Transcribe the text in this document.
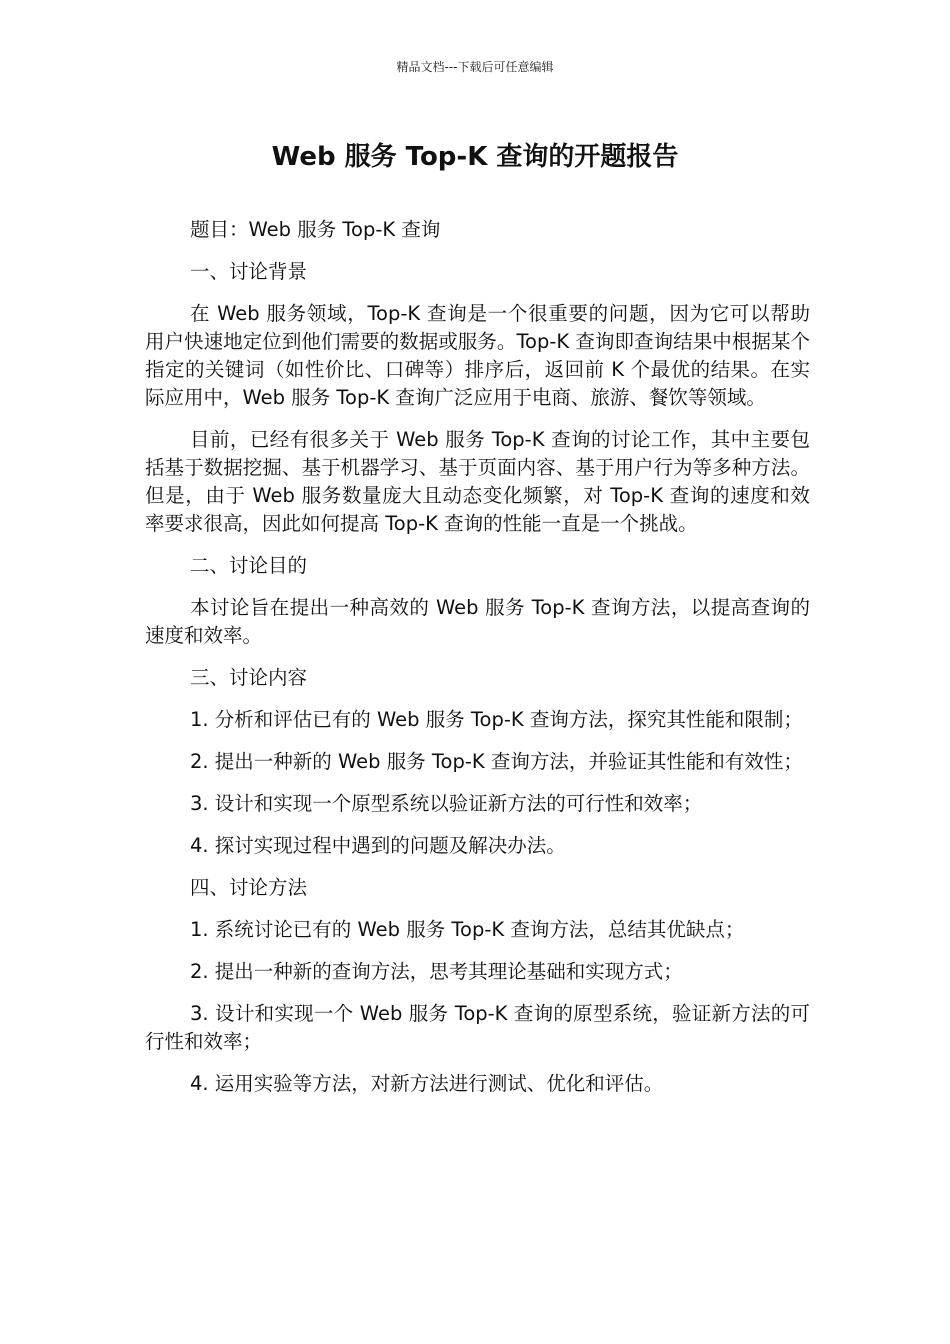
精品文档---下载后可任意编辑
Web 服务 Top-K 查询的开题报告

题目：Web 服务 Top-K 查询

一、讨论背景

在 Web 服务领域，Top-K 查询是一个很重要的问题，因为它可以帮助用户快速地定位到他们需要的数据或服务。Top-K 查询即查询结果中根据某个指定的关键词（如性价比、口碑等）排序后，返回前 K 个最优的结果。在实际应用中，Web 服务 Top-K 查询广泛应用于电商、旅游、餐饮等领域。

目前，已经有很多关于 Web 服务 Top-K 查询的讨论工作，其中主要包括基于数据挖掘、基于机器学习、基于页面内容、基于用户行为等多种方法。但是，由于 Web 服务数量庞大且动态变化频繁，对 Top-K 查询的速度和效率要求很高，因此如何提高 Top-K 查询的性能一直是一个挑战。

二、讨论目的

本讨论旨在提出一种高效的 Web 服务 Top-K 查询方法，以提高查询的速度和效率。

三、讨论内容

1. 分析和评估已有的 Web 服务 Top-K 查询方法，探究其性能和限制；

2. 提出一种新的 Web 服务 Top-K 查询方法，并验证其性能和有效性；

3. 设计和实现一个原型系统以验证新方法的可行性和效率；

4. 探讨实现过程中遇到的问题及解决办法。

四、讨论方法

1. 系统讨论已有的 Web 服务 Top-K 查询方法，总结其优缺点；

2. 提出一种新的查询方法，思考其理论基础和实现方式；

3. 设计和实现一个 Web 服务 Top-K 查询的原型系统，验证新方法的可行性和效率；

4. 运用实验等方法，对新方法进行测试、优化和评估。
